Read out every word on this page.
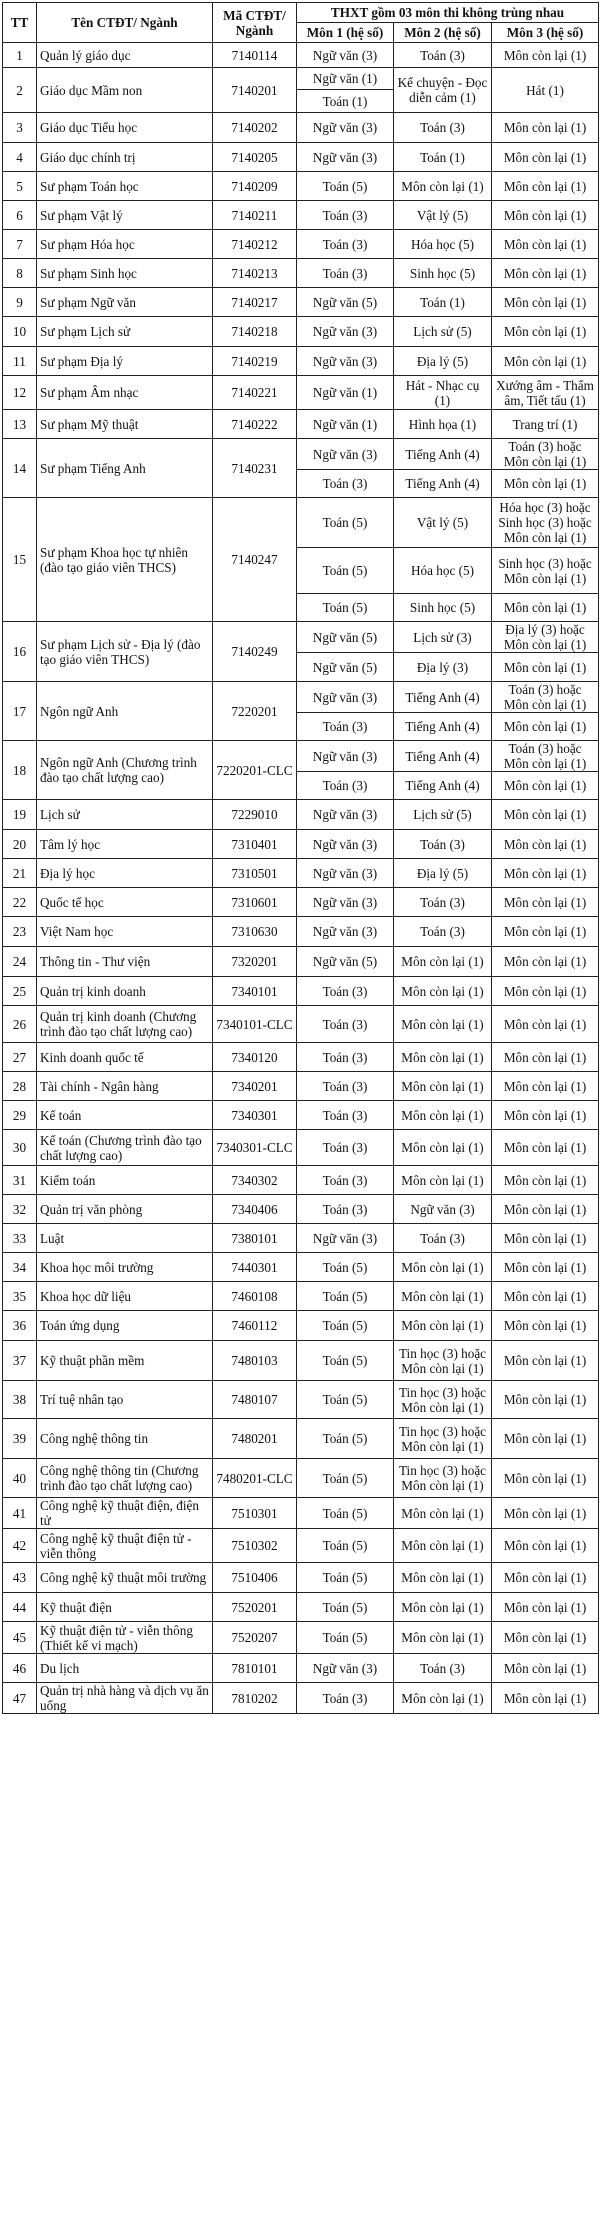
TT	Tên CTĐT/ Ngành	Mã CTĐT/ Ngành	THXT gồm 03 môn thi không trùng nhau		
			Môn 1 (hệ số)	Môn 2 (hệ số)	Môn 3 (hệ số)
1	Quản lý giáo dục	7140114	Ngữ văn (3)	Toán (3)	Môn còn lại (1)
2	Giáo dục Mầm non	7140201	Ngữ văn (1)	Kể chuyện - Đọc diễn cảm (1)	Hát (1)
			Toán (1)		
3	Giáo dục Tiểu học	7140202	Ngữ văn (3)	Toán (3)	Môn còn lại (1)
4	Giáo dục chính trị	7140205	Ngữ văn (3)	Toán (1)	Môn còn lại (1)
5	Sư phạm Toán học	7140209	Toán (5)	Môn còn lại (1)	Môn còn lại (1)
6	Sư phạm Vật lý	7140211	Toán (3)	Vật lý (5)	Môn còn lại (1)
7	Sư phạm Hóa học	7140212	Toán (3)	Hóa học (5)	Môn còn lại (1)
8	Sư phạm Sinh học	7140213	Toán (3)	Sinh học (5)	Môn còn lại (1)
9	Sư phạm Ngữ văn	7140217	Ngữ văn (5)	Toán (1)	Môn còn lại (1)
10	Sư phạm Lịch sử	7140218	Ngữ văn (3)	Lịch sử (5)	Môn còn lại (1)
11	Sư phạm Địa lý	7140219	Ngữ văn (3)	Địa lý (5)	Môn còn lại (1)
12	Sư phạm Âm nhạc	7140221	Ngữ văn (1)	Hát - Nhạc cụ (1)	Xướng âm - Thẩm âm, Tiết tấu (1)
13	Sư phạm Mỹ thuật	7140222	Ngữ văn (1)	Hình họa (1)	Trang trí (1)
14	Sư phạm Tiếng Anh	7140231	Ngữ văn (3)	Tiếng Anh (4)	Toán (3) hoặc Môn còn lại (1)
			Toán (3)	Tiếng Anh (4)	Môn còn lại (1)
15	Sư phạm Khoa học tự nhiên (đào tạo giáo viên THCS)	7140247	Toán (5)	Vật lý (5)	Hóa học (3) hoặc Sinh học (3) hoặc Môn còn lại (1)
			Toán (5)	Hóa học (5)	Sinh học (3) hoặc Môn còn lại (1)
			Toán (5)	Sinh học (5)	Môn còn lại (1)
16	Sư phạm Lịch sử - Địa lý (đào tạo giáo viên THCS)	7140249	Ngữ văn (5)	Lịch sử (3)	Địa lý (3) hoặc Môn còn lại (1)
			Ngữ văn (5)	Địa lý (3)	Môn còn lại (1)
17	Ngôn ngữ Anh	7220201	Ngữ văn (3)	Tiếng Anh (4)	Toán (3) hoặc Môn còn lại (1)
			Toán (3)	Tiếng Anh (4)	Môn còn lại (1)
18	Ngôn ngữ Anh (Chương trình đào tạo chất lượng cao)	7220201-CLC	Ngữ văn (3)	Tiếng Anh (4)	Toán (3) hoặc Môn còn lại (1)
			Toán (3)	Tiếng Anh (4)	Môn còn lại (1)
19	Lịch sử	7229010	Ngữ văn (3)	Lịch sử (5)	Môn còn lại (1)
20	Tâm lý học	7310401	Ngữ văn (3)	Toán (3)	Môn còn lại (1)
21	Địa lý học	7310501	Ngữ văn (3)	Địa lý (5)	Môn còn lại (1)
22	Quốc tế học	7310601	Ngữ văn (3)	Toán (3)	Môn còn lại (1)
23	Việt Nam học	7310630	Ngữ văn (3)	Toán (3)	Môn còn lại (1)
24	Thông tin - Thư viện	7320201	Ngữ văn (5)	Môn còn lại (1)	Môn còn lại (1)
25	Quản trị kinh doanh	7340101	Toán (3)	Môn còn lại (1)	Môn còn lại (1)
26	Quản trị kinh doanh (Chương trình đào tạo chất lượng cao)	7340101-CLC	Toán (3)	Môn còn lại (1)	Môn còn lại (1)
27	Kinh doanh quốc tế	7340120	Toán (3)	Môn còn lại (1)	Môn còn lại (1)
28	Tài chính - Ngân hàng	7340201	Toán (3)	Môn còn lại (1)	Môn còn lại (1)
29	Kế toán	7340301	Toán (3)	Môn còn lại (1)	Môn còn lại (1)
30	Kế toán (Chương trình đào tạo chất lượng cao)	7340301-CLC	Toán (3)	Môn còn lại (1)	Môn còn lại (1)
31	Kiểm toán	7340302	Toán (3)	Môn còn lại (1)	Môn còn lại (1)
32	Quản trị văn phòng	7340406	Toán (3)	Ngữ văn (3)	Môn còn lại (1)
33	Luật	7380101	Ngữ văn (3)	Toán (3)	Môn còn lại (1)
34	Khoa học môi trường	7440301	Toán (5)	Môn còn lại (1)	Môn còn lại (1)
35	Khoa học dữ liệu	7460108	Toán (5)	Môn còn lại (1)	Môn còn lại (1)
36	Toán ứng dụng	7460112	Toán (5)	Môn còn lại (1)	Môn còn lại (1)
37	Kỹ thuật phần mềm	7480103	Toán (5)	Tin học (3) hoặc Môn còn lại (1)	Môn còn lại (1)
38	Trí tuệ nhân tạo	7480107	Toán (5)	Tin học (3) hoặc Môn còn lại (1)	Môn còn lại (1)
39	Công nghệ thông tin	7480201	Toán (5)	Tin học (3) hoặc Môn còn lại (1)	Môn còn lại (1)
40	Công nghệ thông tin (Chương trình đào tạo chất lượng cao)	7480201-CLC	Toán (5)	Tin học (3) hoặc Môn còn lại (1)	Môn còn lại (1)
41	Công nghệ kỹ thuật điện, điện tử	7510301	Toán (5)	Môn còn lại (1)	Môn còn lại (1)
42	Công nghệ kỹ thuật điện tử - viễn thông	7510302	Toán (5)	Môn còn lại (1)	Môn còn lại (1)
43	Công nghệ kỹ thuật môi trường	7510406	Toán (5)	Môn còn lại (1)	Môn còn lại (1)
44	Kỹ thuật điện	7520201	Toán (5)	Môn còn lại (1)	Môn còn lại (1)
45	Kỹ thuật điện tử - viễn thông (Thiết kế vi mạch)	7520207	Toán (5)	Môn còn lại (1)	Môn còn lại (1)
46	Du lịch	7810101	Ngữ văn (3)	Toán (3)	Môn còn lại (1)
47	Quản trị nhà hàng và dịch vụ ăn uống	7810202	Toán (3)	Môn còn lại (1)	Môn còn lại (1)
